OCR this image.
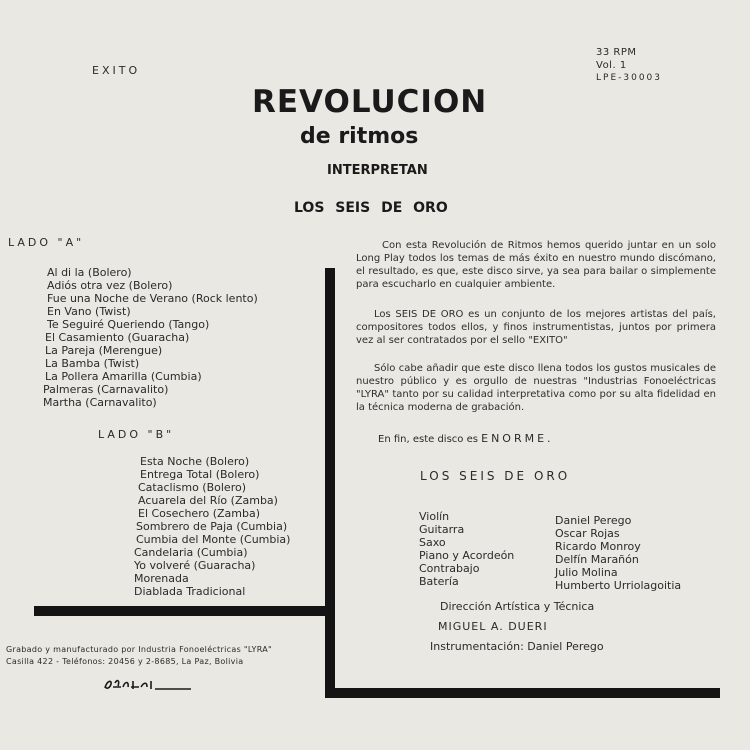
EXITO
33 RPM
Vol. 1
LPE-30003
REVOLUCION
de ritmos
INTERPRETAN
LOS SEIS DE ORO
LADO "A"
Al di la (Bolero)
Adiós otra vez (Bolero)
Fue una Noche de Verano (Rock lento)
En Vano (Twist)
Te Seguiré Queriendo (Tango)
El Casamiento (Guaracha)
La Pareja (Merengue)
La Bamba (Twist)
La Pollera Amarilla (Cumbia)
Palmeras (Carnavalito)
Martha (Carnavalito)
LADO "B"
Esta Noche (Bolero)
Entrega Total (Bolero)
Cataclismo (Bolero)
Acuarela del Río (Zamba)
El Cosechero (Zamba)
Sombrero de Paja (Cumbia)
Cumbia del Monte (Cumbia)
Candelaria (Cumbia)
Yo volveré (Guaracha)
Morenada
Diablada Tradicional
Con esta Revolución de Ritmos hemos querido juntar en un solo Long Play todos los temas de más éxito en nuestro mundo discómano, el resultado, es que, este disco sirve, ya sea para bailar o simplemente para escucharlo en cualquier ambiente.
Los SEIS DE ORO es un conjunto de los mejores artistas del país, compositores todos ellos, y finos instrumentistas, juntos por primera vez al ser contratados por el sello "EXITO"
Sólo cabe añadir que este disco llena todos los gustos musicales de nuestro público y es orgullo de nuestras "Industrias Fonoeléctricas "LYRA" tanto por su calidad interpretativa como por su alta fidelidad en la técnica moderna de grabación.
En fin, este disco es ENORME.
LOS SEIS DE ORO
Violín
Guitarra
Saxo
Piano y Acordeón
Contrabajo
Batería
Daniel Perego
Oscar Rojas
Ricardo Monroy
Delfín Marañón
Julio Molina
Humberto Urriolagoitia
Dirección Artística y Técnica
MIGUEL A. DUERI
Instrumentación: Daniel Perego
Grabado y manufacturado por Industria Fonoeléctricas "LYRA"
Casilla 422 - Teléfonos: 20456 y 2-8685, La Paz, Bolivia
